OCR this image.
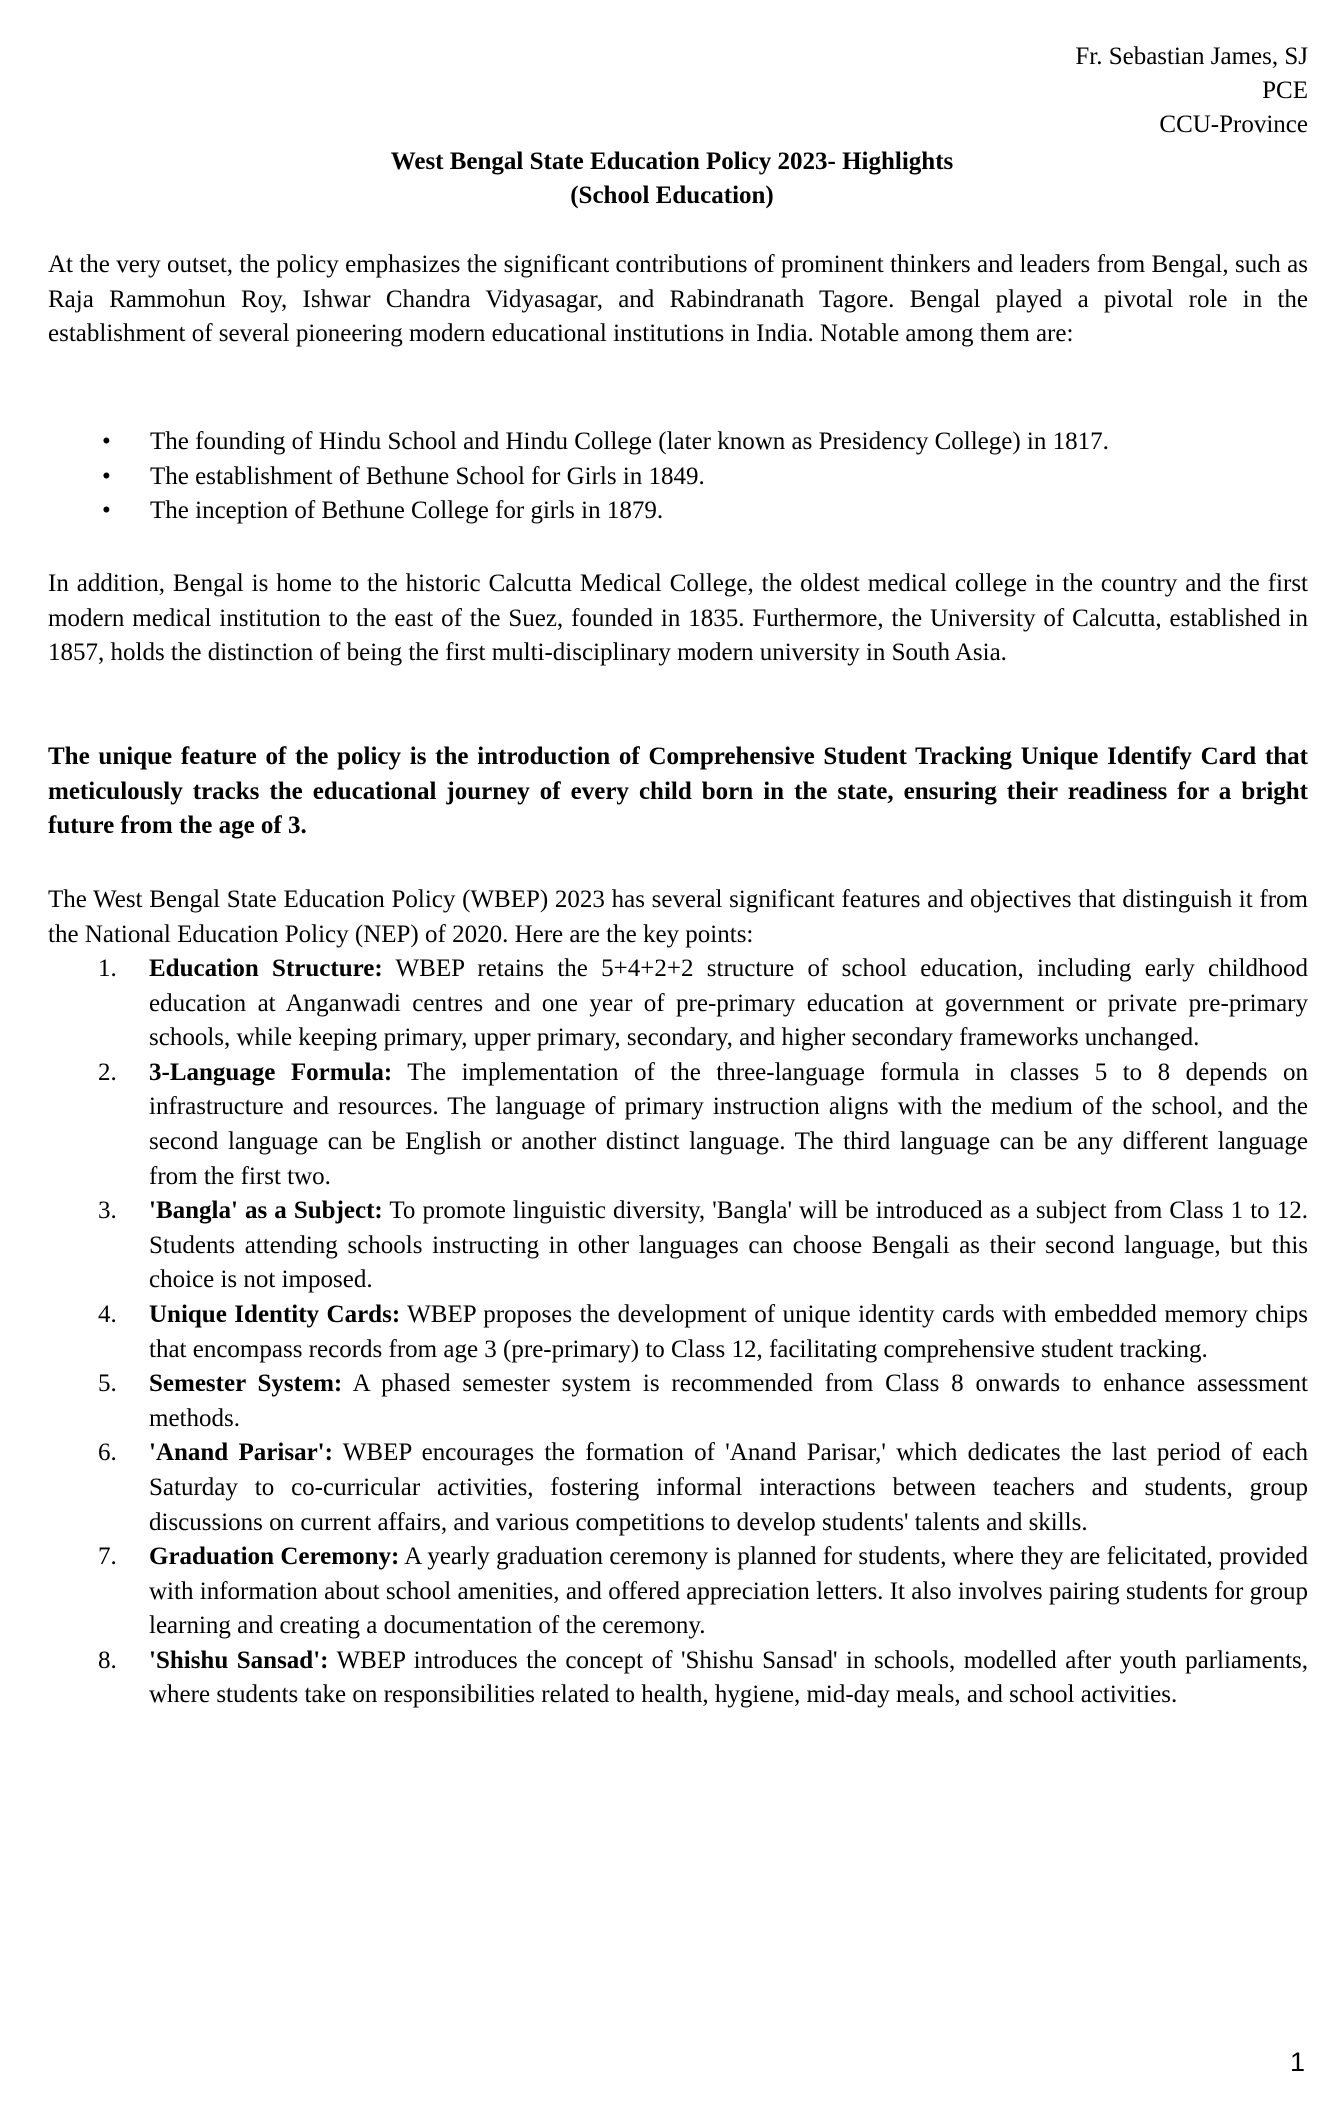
Fr. Sebastian James, SJ
PCE
CCU-Province
West Bengal State Education Policy 2023- Highlights
(School Education)

At the very outset, the policy emphasizes the significant contributions of prominent thinkers and leaders from Bengal, such as Raja Rammohun Roy, Ishwar Chandra Vidyasagar, and Rabindranath Tagore. Bengal played a pivotal role in the establishment of several pioneering modern educational institutions in India. Notable among them are:

• The founding of Hindu School and Hindu College (later known as Presidency College) in 1817.
• The establishment of Bethune School for Girls in 1849.
• The inception of Bethune College for girls in 1879.

In addition, Bengal is home to the historic Calcutta Medical College, the oldest medical college in the country and the first modern medical institution to the east of the Suez, founded in 1835. Furthermore, the University of Calcutta, established in 1857, holds the distinction of being the first multi-disciplinary modern university in South Asia.

The unique feature of the policy is the introduction of Comprehensive Student Tracking Unique Identify Card that meticulously tracks the educational journey of every child born in the state, ensuring their readiness for a bright future from the age of 3.

The West Bengal State Education Policy (WBEP) 2023 has several significant features and objectives that distinguish it from the National Education Policy (NEP) of 2020. Here are the key points:

1. Education Structure: WBEP retains the 5+4+2+2 structure of school education, including early childhood education at Anganwadi centres and one year of pre-primary education at government or private pre-primary schools, while keeping primary, upper primary, secondary, and higher secondary frameworks unchanged.
2. 3-Language Formula: The implementation of the three-language formula in classes 5 to 8 depends on infrastructure and resources. The language of primary instruction aligns with the medium of the school, and the second language can be English or another distinct language. The third language can be any different language from the first two.
3. 'Bangla' as a Subject: To promote linguistic diversity, 'Bangla' will be introduced as a subject from Class 1 to 12. Students attending schools instructing in other languages can choose Bengali as their second language, but this choice is not imposed.
4. Unique Identity Cards: WBEP proposes the development of unique identity cards with embedded memory chips that encompass records from age 3 (pre-primary) to Class 12, facilitating comprehensive student tracking.
5. Semester System: A phased semester system is recommended from Class 8 onwards to enhance assessment methods.
6. 'Anand Parisar': WBEP encourages the formation of 'Anand Parisar,' which dedicates the last period of each Saturday to co-curricular activities, fostering informal interactions between teachers and students, group discussions on current affairs, and various competitions to develop students' talents and skills.
7. Graduation Ceremony: A yearly graduation ceremony is planned for students, where they are felicitated, provided with information about school amenities, and offered appreciation letters. It also involves pairing students for group learning and creating a documentation of the ceremony.
8. 'Shishu Sansad': WBEP introduces the concept of 'Shishu Sansad' in schools, modelled after youth parliaments, where students take on responsibilities related to health, hygiene, mid-day meals, and school activities.
1
